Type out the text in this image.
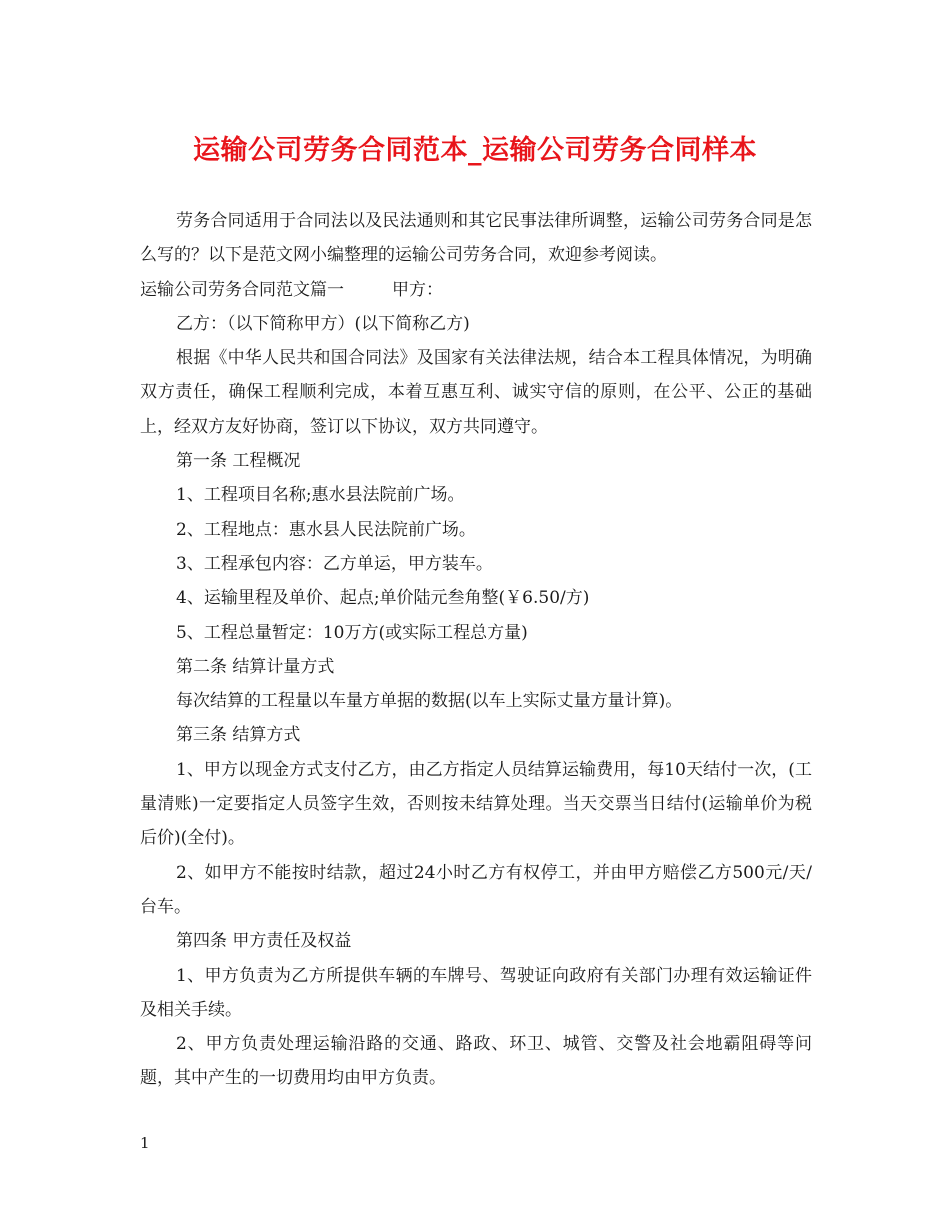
运输公司劳务合同范本_运输公司劳务合同样本

劳务合同适用于合同法以及民法通则和其它民事法律所调整，运输公司劳务合同是怎么写的？以下是范文网小编整理的运输公司劳务合同，欢迎参考阅读。

运输公司劳务合同范文篇一	甲方：

乙方：（以下简称甲方）(以下简称乙方)

根据《中华人民共和国合同法》及国家有关法律法规，结合本工程具体情况，为明确双方责任，确保工程顺利完成，本着互惠互利、诚实守信的原则，在公平、公正的基础上，经双方友好协商，签订以下协议，双方共同遵守。

第一条 工程概况

1、工程项目名称;惠水县法院前广场。

2、工程地点：惠水县人民法院前广场。

3、工程承包内容：乙方单运，甲方装车。

4、运输里程及单价、起点;单价陆元叁角整(￥6.50/方)

5、工程总量暂定：10万方(或实际工程总方量)

第二条 结算计量方式

每次结算的工程量以车量方单据的数据(以车上实际丈量方量计算)。

第三条 结算方式

1、甲方以现金方式支付乙方，由乙方指定人员结算运输费用，每10天结付一次，(工量清账)一定要指定人员签字生效，否则按未结算处理。当天交票当日结付(运输单价为税后价)(全付)。

2、如甲方不能按时结款，超过24小时乙方有权停工，并由甲方赔偿乙方500元/天/台车。

第四条 甲方责任及权益

1、甲方负责为乙方所提供车辆的车牌号、驾驶证向政府有关部门办理有效运输证件及相关手续。

2、甲方负责处理运输沿路的交通、路政、环卫、城管、交警及社会地霸阻碍等问题，其中产生的一切费用均由甲方负责。

1
